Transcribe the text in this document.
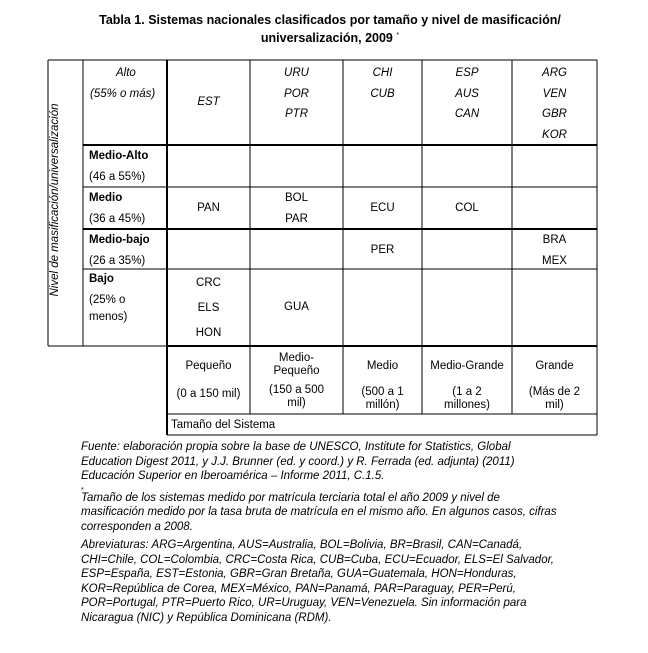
Tabla 1. Sistemas nacionales clasificados por tamaño y nivel de masificación/
universalización, 2009 *
Nivel de masificación/universalización
Alto
(55% o más)
Medio-Alto
(46 a 55%)
Medio
(36 a 45%)
Medio-bajo
(26 a 35%)
Bajo
(25% o
menos)
EST
URU
POR
PTR
CHI
CUB
ESP
AUS
CAN
ARG
VEN
GBR
KOR
PAN
BOL
PAR
ECU	COL
PER
BRA
MEX
CRC
ELS
HON
GUA
Pequeño
(0 a 150 mil)
Medio-
Pequeño
(150 a 500
mil)
Medio
(500 a 1
millón)
Medio-Grande
(1 a 2
millones)
Grande
(Más de 2
mil)
Tamaño del Sistema

Fuente: elaboración propia sobre la base de UNESCO, Institute for Statistics, Global Education Digest 2011, y J.J. Brunner (ed. y coord.) y R. Ferrada (ed. adjunta) (2011) Educación Superior en Iberoamérica – Informe 2011, C.1.5.

*

Tamaño de los sistemas medido por matrícula terciaria total el año 2009 y nivel de masificación medido por la tasa bruta de matrícula en el mismo año. En algunos casos, cifras corresponden a 2008.

Abreviaturas: ARG=Argentina, AUS=Australia, BOL=Bolivia, BR=Brasil, CAN=Canadá, CHI=Chile, COL=Colombia, CRC=Costa Rica, CUB=Cuba, ECU=Ecuador, ELS=El Salvador, ESP=España, EST=Estonia, GBR=Gran Bretaña, GUA=Guatemala, HON=Honduras, KOR=República de Corea, MEX=México, PAN=Panamá, PAR=Paraguay, PER=Perú, POR=Portugal, PTR=Puerto Rico, UR=Uruguay, VEN=Venezuela. Sin información para Nicaragua (NIC) y República Dominicana (RDM).
